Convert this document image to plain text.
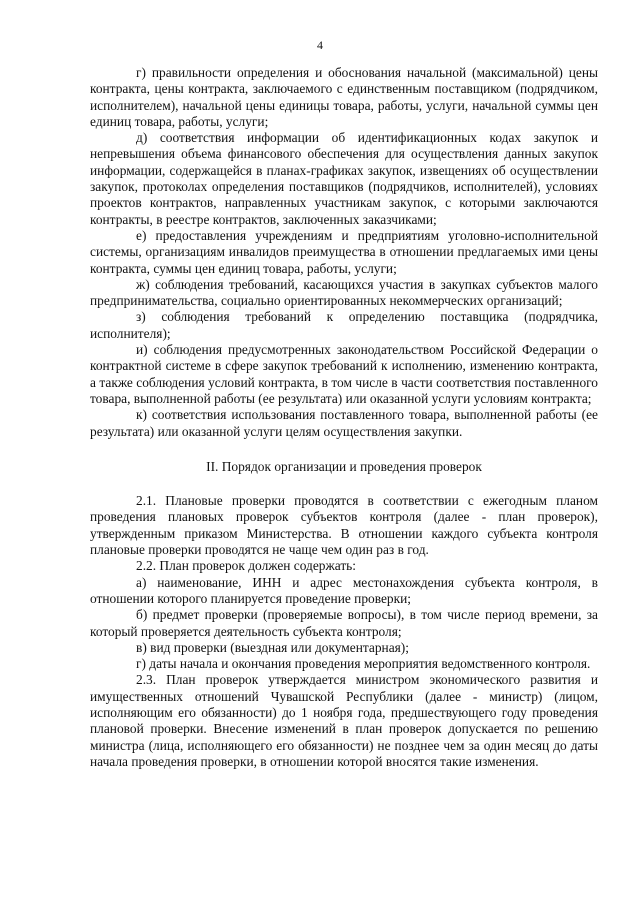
4

г) правильности определения и обоснования начальной (максимальной) цены контракта, цены контракта, заключаемого с единственным поставщиком (подрядчиком, исполнителем), начальной цены единицы товара, работы, услуги, начальной суммы цен единиц товара, работы, услуги;

д) соответствия информации об идентификационных кодах закупок и непревышения объема финансового обеспечения для осуществления данных закупок информации, содержащейся в планах-графиках закупок, извещениях об осуществлении закупок, протоколах определения поставщиков (подрядчиков, исполнителей), условиях проектов контрактов, направленных участникам закупок, с которыми заключаются контракты, в реестре контрактов, заключенных заказчиками;

е) предоставления учреждениям и предприятиям уголовно-исполнительной системы, организациям инвалидов преимущества в отношении предлагаемых ими цены контракта, суммы цен единиц товара, работы, услуги;

ж) соблюдения требований, касающихся участия в закупках субъектов малого предпринимательства, социально ориентированных некоммерческих организаций;

з) соблюдения требований к определению поставщика (подрядчика, исполнителя);

и) соблюдения предусмотренных законодательством Российской Федерации о контрактной системе в сфере закупок требований к исполнению, изменению контракта, а также соблюдения условий контракта, в том числе в части соответствия поставленного товара, выполненной работы (ее результата) или оказанной услуги условиям контракта;

к) соответствия использования поставленного товара, выполненной работы (ее результата) или оказанной услуги целям осуществления закупки.

II. Порядок организации и проведения проверок

2.1. Плановые проверки проводятся в соответствии с ежегодным планом проведения плановых проверок субъектов контроля (далее - план проверок), утвержденным приказом Министерства. В отношении каждого субъекта контроля плановые проверки проводятся не чаще чем один раз в год.

2.2. План проверок должен содержать:

а) наименование, ИНН и адрес местонахождения субъекта контроля, в отношении которого планируется проведение проверки;

б) предмет проверки (проверяемые вопросы), в том числе период времени, за который проверяется деятельность субъекта контроля;

в) вид проверки (выездная или документарная);

г) даты начала и окончания проведения мероприятия ведомственного контроля.

2.3. План проверок утверждается министром экономического развития и имущественных отношений Чувашской Республики (далее - министр) (лицом, исполняющим его обязанности) до 1 ноября года, предшествующего году проведения плановой проверки. Внесение изменений в план проверок допускается по решению министра (лица, исполняющего его обязанности) не позднее чем за один месяц до даты начала проведения проверки, в отношении которой вносятся такие изменения.
